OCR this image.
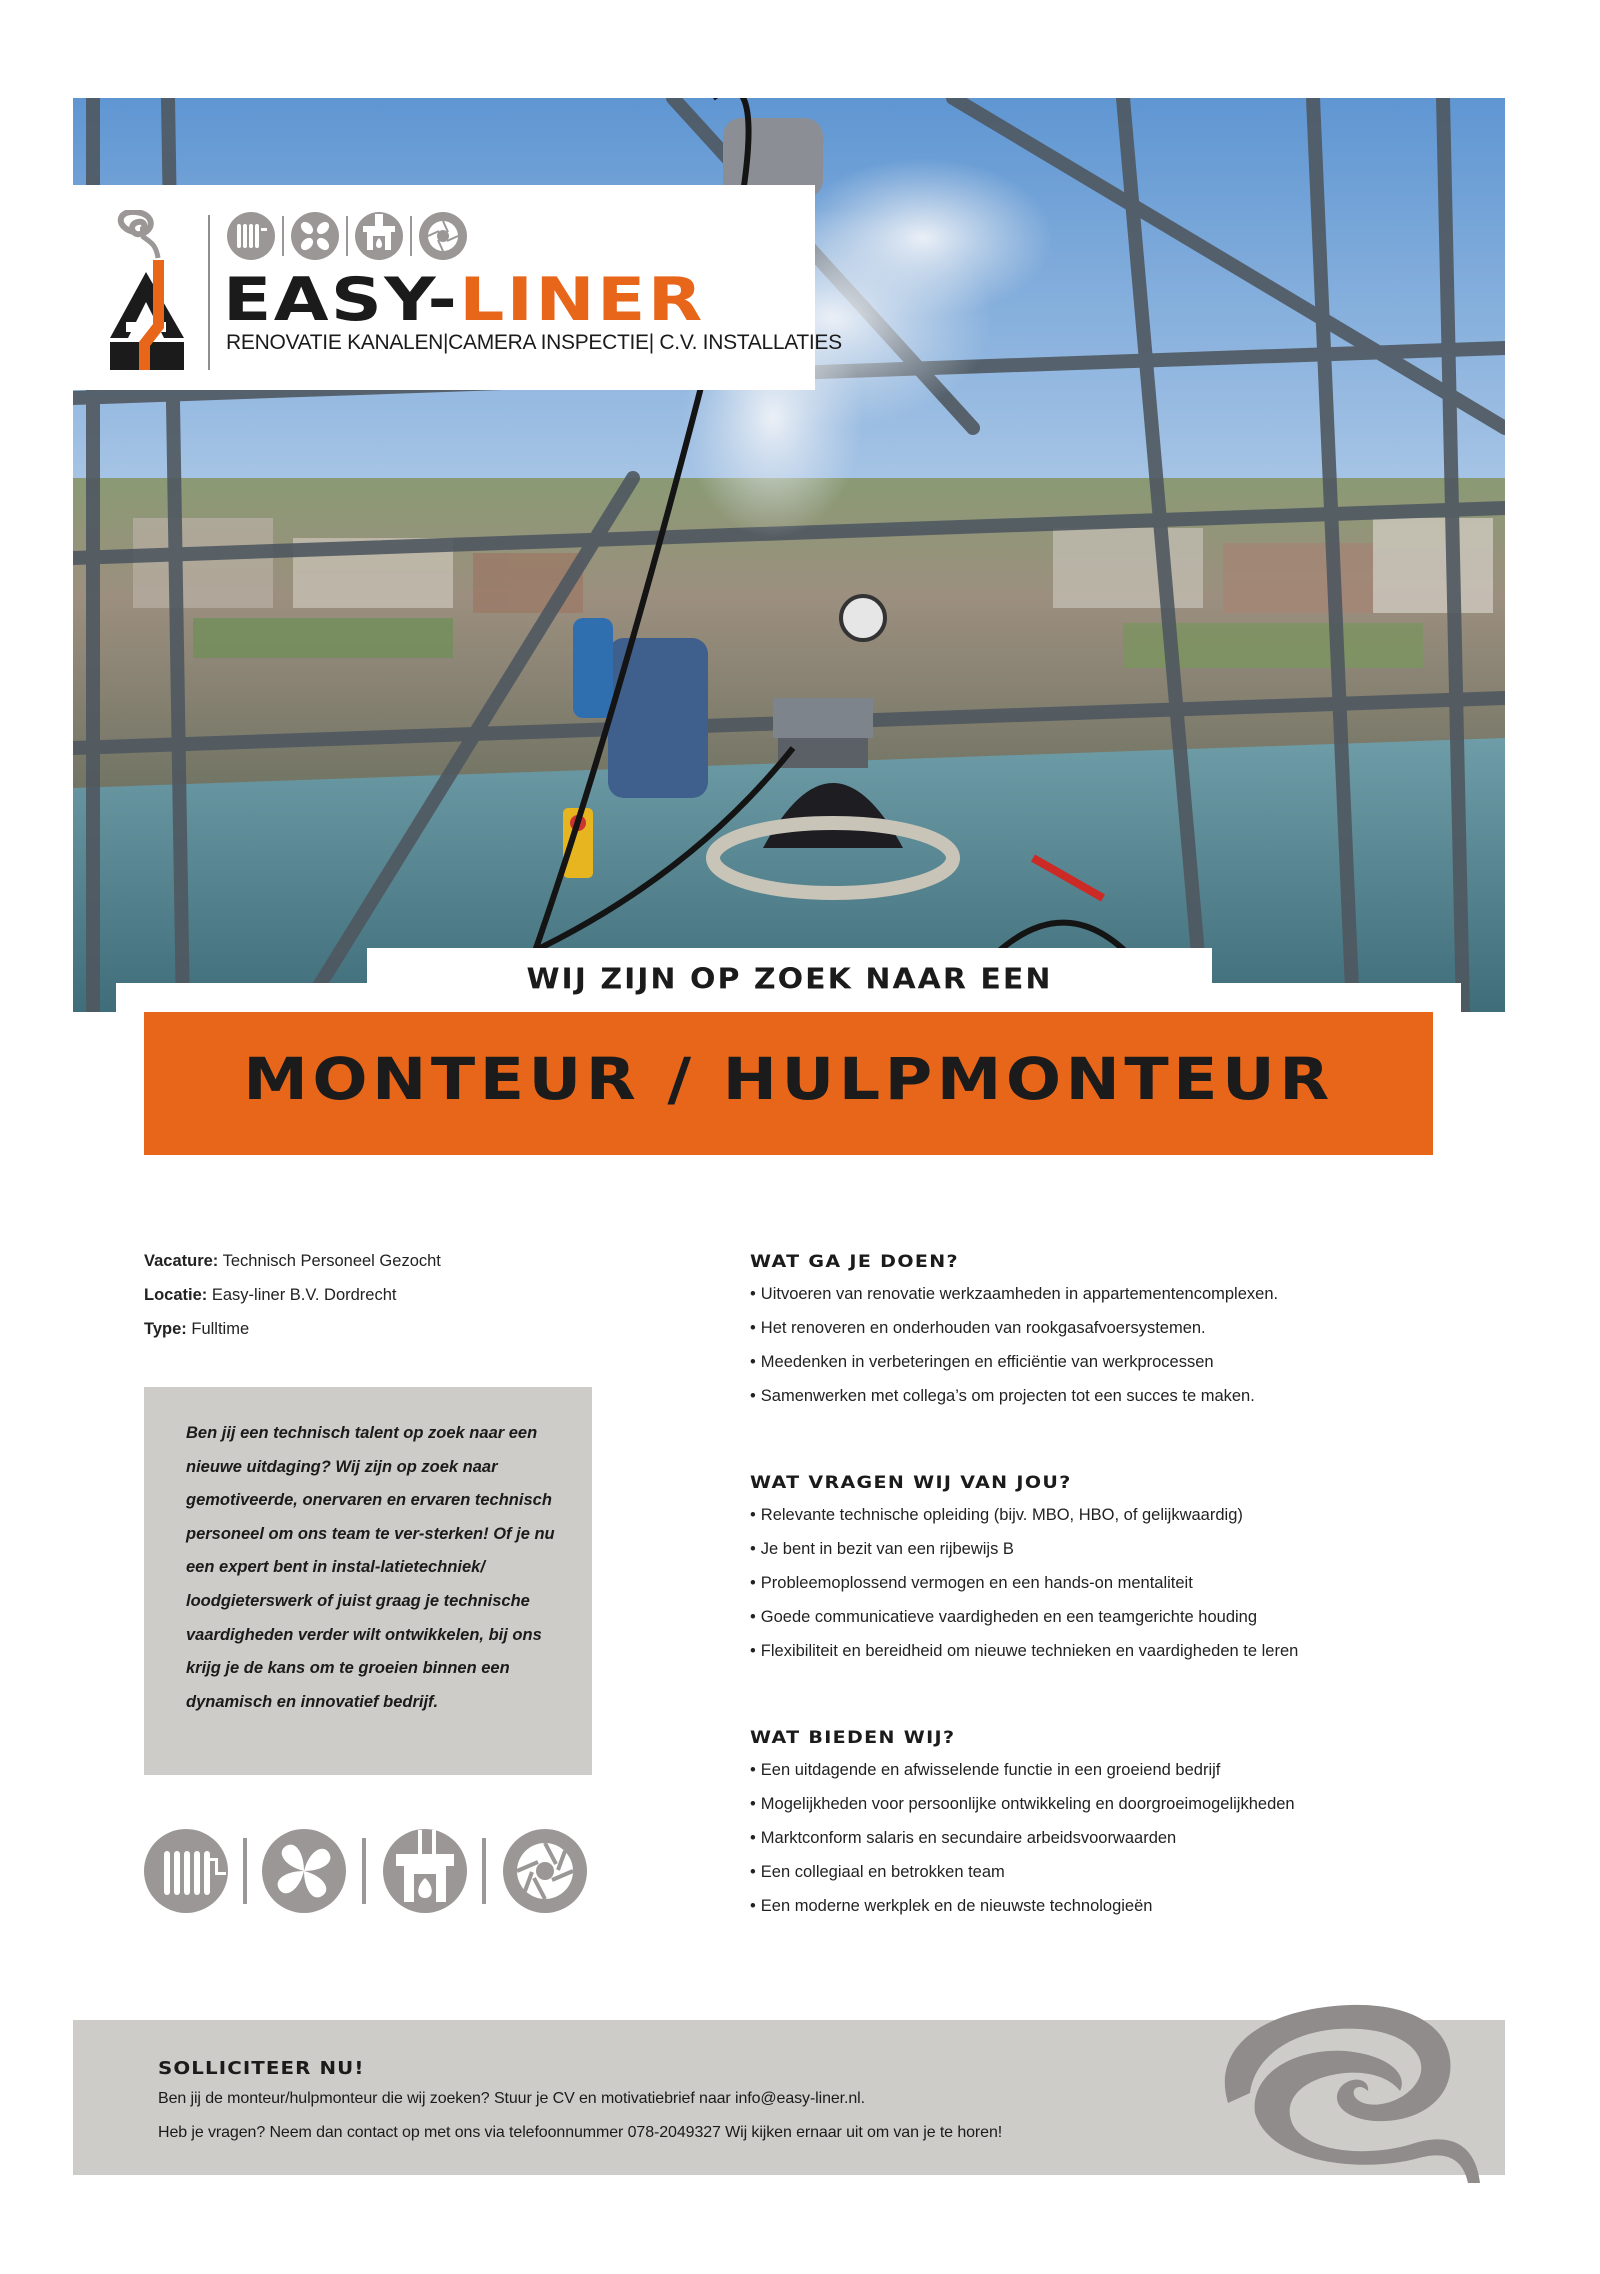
EASY-LINER
RENOVATIE KANALEN|CAMERA INSPECTIE| C.V. INSTALLATIES
WIJ ZIJN OP ZOEK NAAR EEN
MONTEUR / HULPMONTEUR
Vacature: Technisch Personeel Gezocht
Locatie: Easy-liner B.V. Dordrecht
Type: Fulltime
Ben jij een technisch talent op zoek naar een nieuwe uitdaging? Wij zijn op zoek naar gemotiveerde, onervaren en ervaren technisch personeel om ons team te ver-sterken! Of je nu een expert bent in instal-latietechniek/ loodgieterswerk of juist graag je technische vaardigheden verder wilt ontwikkelen, bij ons krijg je de kans om te groeien binnen een dynamisch en innovatief bedrijf.
WAT GA JE DOEN?
• Uitvoeren van renovatie werkzaamheden in appartementencomplexen.
• Het renoveren en onderhouden van rookgasafvoersystemen.
• Meedenken in verbeteringen en efficiëntie van werkprocessen
• Samenwerken met collega’s om projecten tot een succes te maken.
WAT VRAGEN WIJ VAN JOU?
• Relevante technische opleiding (bijv. MBO, HBO, of gelijkwaardig)
• Je bent in bezit van een rijbewijs B
• Probleemoplossend vermogen en een hands-on mentaliteit
• Goede communicatieve vaardigheden en een teamgerichte houding
• Flexibiliteit en bereidheid om nieuwe technieken en vaardigheden te leren
WAT BIEDEN WIJ?
• Een uitdagende en afwisselende functie in een groeiend bedrijf
• Mogelijkheden voor persoonlijke ontwikkeling en doorgroeimogelijkheden
• Marktconform salaris en secundaire arbeidsvoorwaarden
• Een collegiaal en betrokken team
• Een moderne werkplek en de nieuwste technologieën
SOLLICITEER NU!
Ben jij de monteur/hulpmonteur die wij zoeken? Stuur je CV en motivatiebrief naar info@easy-liner.nl.
Heb je vragen? Neem dan contact op met ons via telefoonnummer 078-2049327 Wij kijken ernaar uit om van je te horen!
